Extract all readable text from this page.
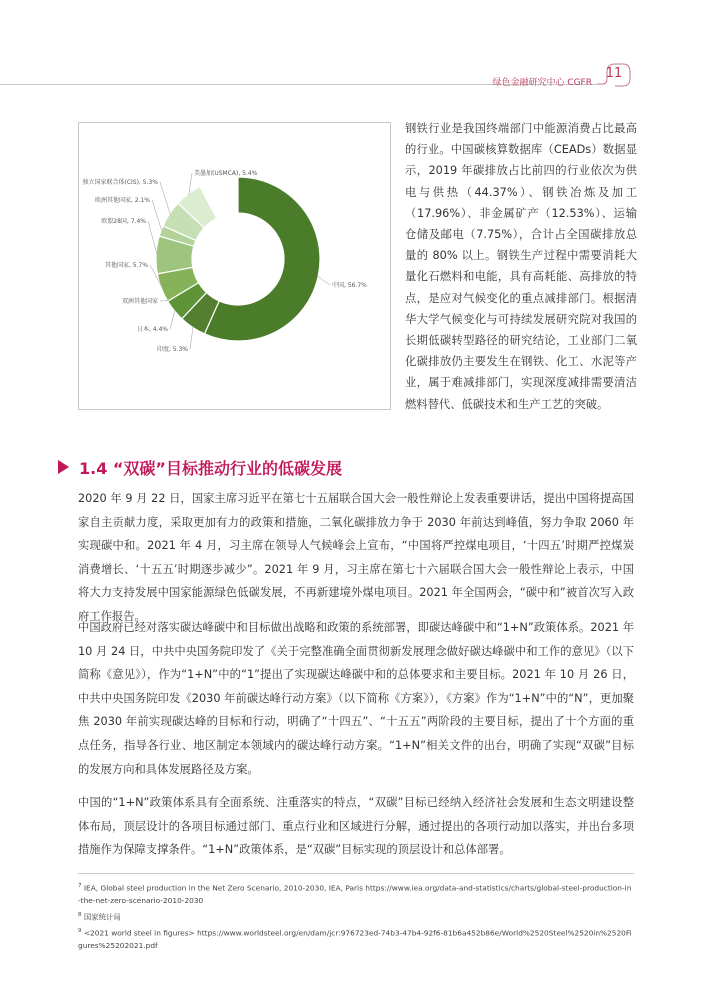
绿色金融研究中心 CGFR
11
中国, 56.7%
印度, 5.3%
日本, 4.4%
双洲其他国家
其他国家, 5.7%
欧盟28国, 7.4%
欧洲其他国家, 2.1%
独立国家联合体(CIS), 5.3%
美墨加(USMCA), 5.4%
钢铁行业是我国终端部门中能源消费占比最高的行业。中国碳核算数据库（CEADs）数据显示，2019 年碳排放占比前四的行业依次为供电与供热（44.37%）、钢铁冶炼及加工（17.96%）、非金属矿产（12.53%）、运输仓储及邮电（7.75%），合计占全国碳排放总量的 80% 以上。钢铁生产过程中需要消耗大量化石燃料和电能，具有高耗能、高排放的特点，是应对气候变化的重点减排部门。根据清华大学气候变化与可持续发展研究院对我国的长期低碳转型路径的研究结论，工业部门二氧化碳排放仍主要发生在钢铁、化工、水泥等产业，属于难减排部门，实现深度减排需要清洁燃料替代、低碳技术和生产工艺的突破。
1.4 “双碳”目标推动行业的低碳发展
2020 年 9 月 22 日，国家主席习近平在第七十五届联合国大会一般性辩论上发表重要讲话，提出中国将提高国家自主贡献力度，采取更加有力的政策和措施，二氧化碳排放力争于 2030 年前达到峰值，努力争取 2060 年实现碳中和。2021 年 4 月，习主席在领导人气候峰会上宣布，“中国将严控煤电项目，‘十四五’时期严控煤炭消费增长、‘十五五’时期逐步减少”。2021 年 9 月，习主席在第七十六届联合国大会一般性辩论上表示，中国将大力支持发展中国家能源绿色低碳发展，不再新建境外煤电项目。2021 年全国两会，“碳中和”被首次写入政府工作报告。
中国政府已经对落实碳达峰碳中和目标做出战略和政策的系统部署，即碳达峰碳中和“1+N”政策体系。2021 年 10 月 24 日，中共中央国务院印发了《关于完整准确全面贯彻新发展理念做好碳达峰碳中和工作的意见》（以下简称《意见》），作为“1+N”中的“1”提出了实现碳达峰碳中和的总体要求和主要目标。2021 年 10 月 26 日，中共中央国务院印发《2030 年前碳达峰行动方案》（以下简称《方案》），《方案》作为“1+N”中的“N”，更加聚焦 2030 年前实现碳达峰的目标和行动，明确了“十四五”、“十五五”两阶段的主要目标，提出了十个方面的重点任务，指导各行业、地区制定本领域内的碳达峰行动方案。“1+N”相关文件的出台，明确了实现“双碳”目标的发展方向和具体发展路径及方案。
中国的“1+N”政策体系具有全面系统、注重落实的特点，“双碳”目标已经纳入经济社会发展和生态文明建设整体布局，顶层设计的各项目标通过部门、重点行业和区域进行分解，通过提出的各项行动加以落实，并出台多项措施作为保障支撑条件。“1+N”政策体系，是“双碳”目标实现的顶层设计和总体部署。
$^7$ IEA, Global steel production in the Net Zero Scenario, 2010-2030, IEA, Paris https://www.iea.org/data-and-statistics/charts/global-steel-production-in-the-net-zero-scenario-2010-2030
$^8$ 国家统计局
$^9$ <2021 world steel in figures> https://www.worldsteel.org/en/dam/jcr:976723ed-74b3-47b4-92f6-81b6a452b86e/World%2520Steel%2520in%2520Figures%25202021.pdf
